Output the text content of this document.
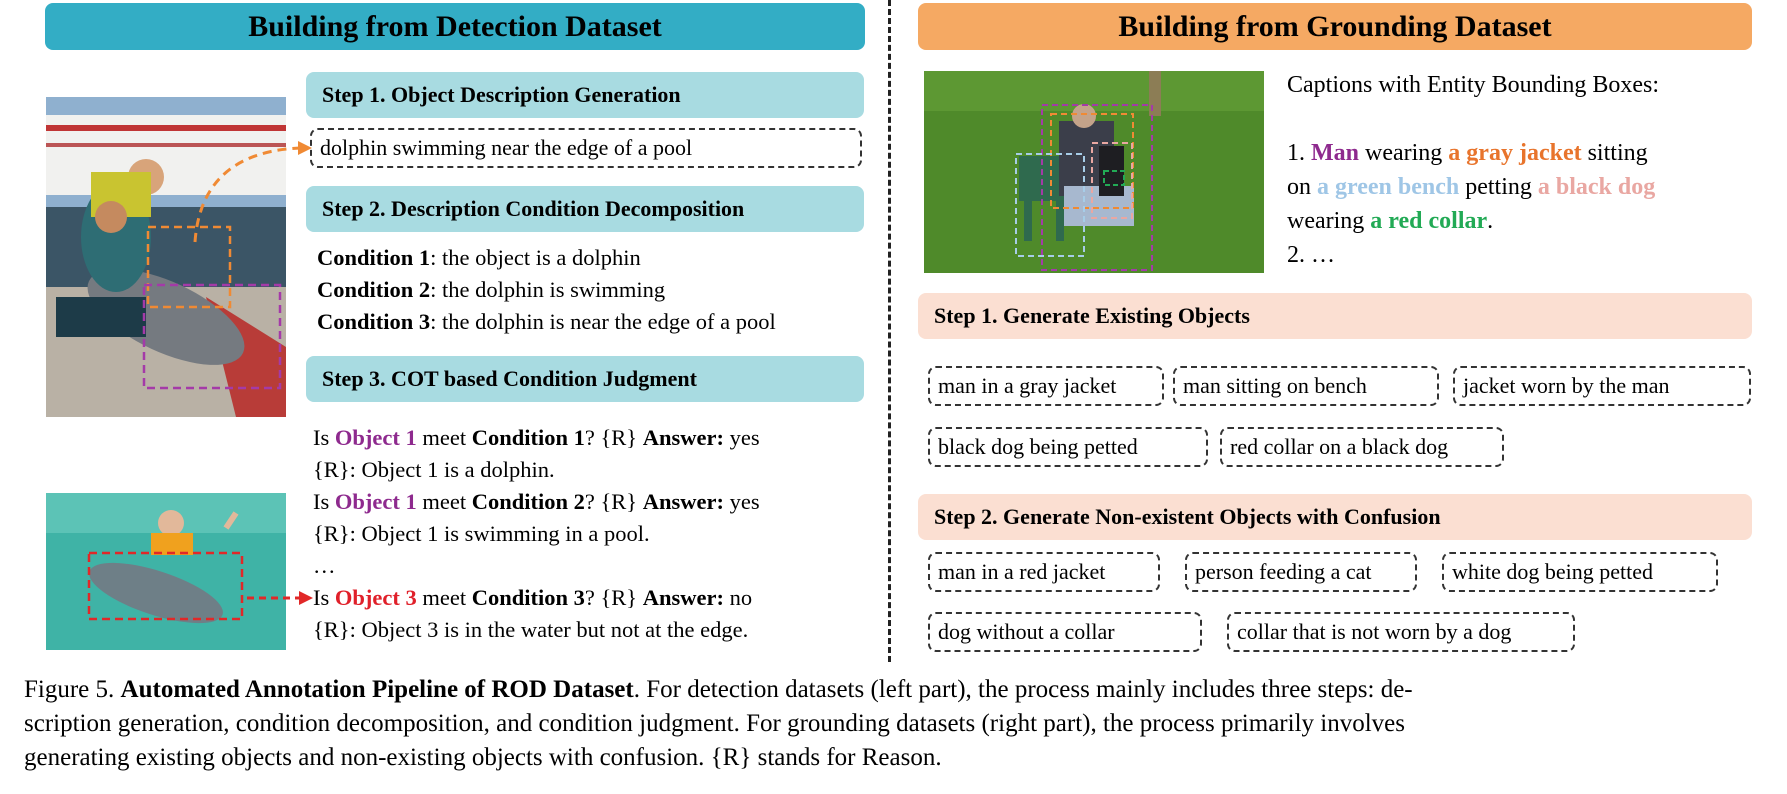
Building from Detection Dataset
Step 1. Object Description Generation
dolphin swimming near the edge of a pool
Step 2. Description Condition Decomposition
Condition 1: the object is a dolphin
Condition 2: the dolphin is swimming
Condition 3: the dolphin is near the edge of a pool
Step 3. COT based Condition Judgment
Is Object 1 meet Condition 1? {R} Answer: yes
{R}: Object 1 is a dolphin.
Is Object 1 meet Condition 2? {R} Answer: yes
{R}: Object 1 is swimming in a pool.
…
Is Object 3 meet Condition 3? {R} Answer: no
{R}: Object 3 is in the water but not at the edge.
Building from Grounding Dataset
Captions with Entity Bounding Boxes:

1. Man wearing a gray jacket sitting
on a green bench petting a black dog
wearing a red collar.
2. …
Step 1. Generate Existing Objects
man in a gray jacket	man sitting on bench	jacket worn by the man
black dog being petted	red collar on a black dog
Step 2. Generate Non-existent Objects with Confusion
man in a red jacket	person feeding a cat	white dog being petted
dog without a collar	collar that is not worn by a dog
Figure 5. Automated Annotation Pipeline of ROD Dataset. For detection datasets (left part), the process mainly includes three steps: de-
scription generation, condition decomposition, and condition judgment. For grounding datasets (right part), the process primarily involves
generating existing objects and non-existing objects with confusion. {R} stands for Reason.
